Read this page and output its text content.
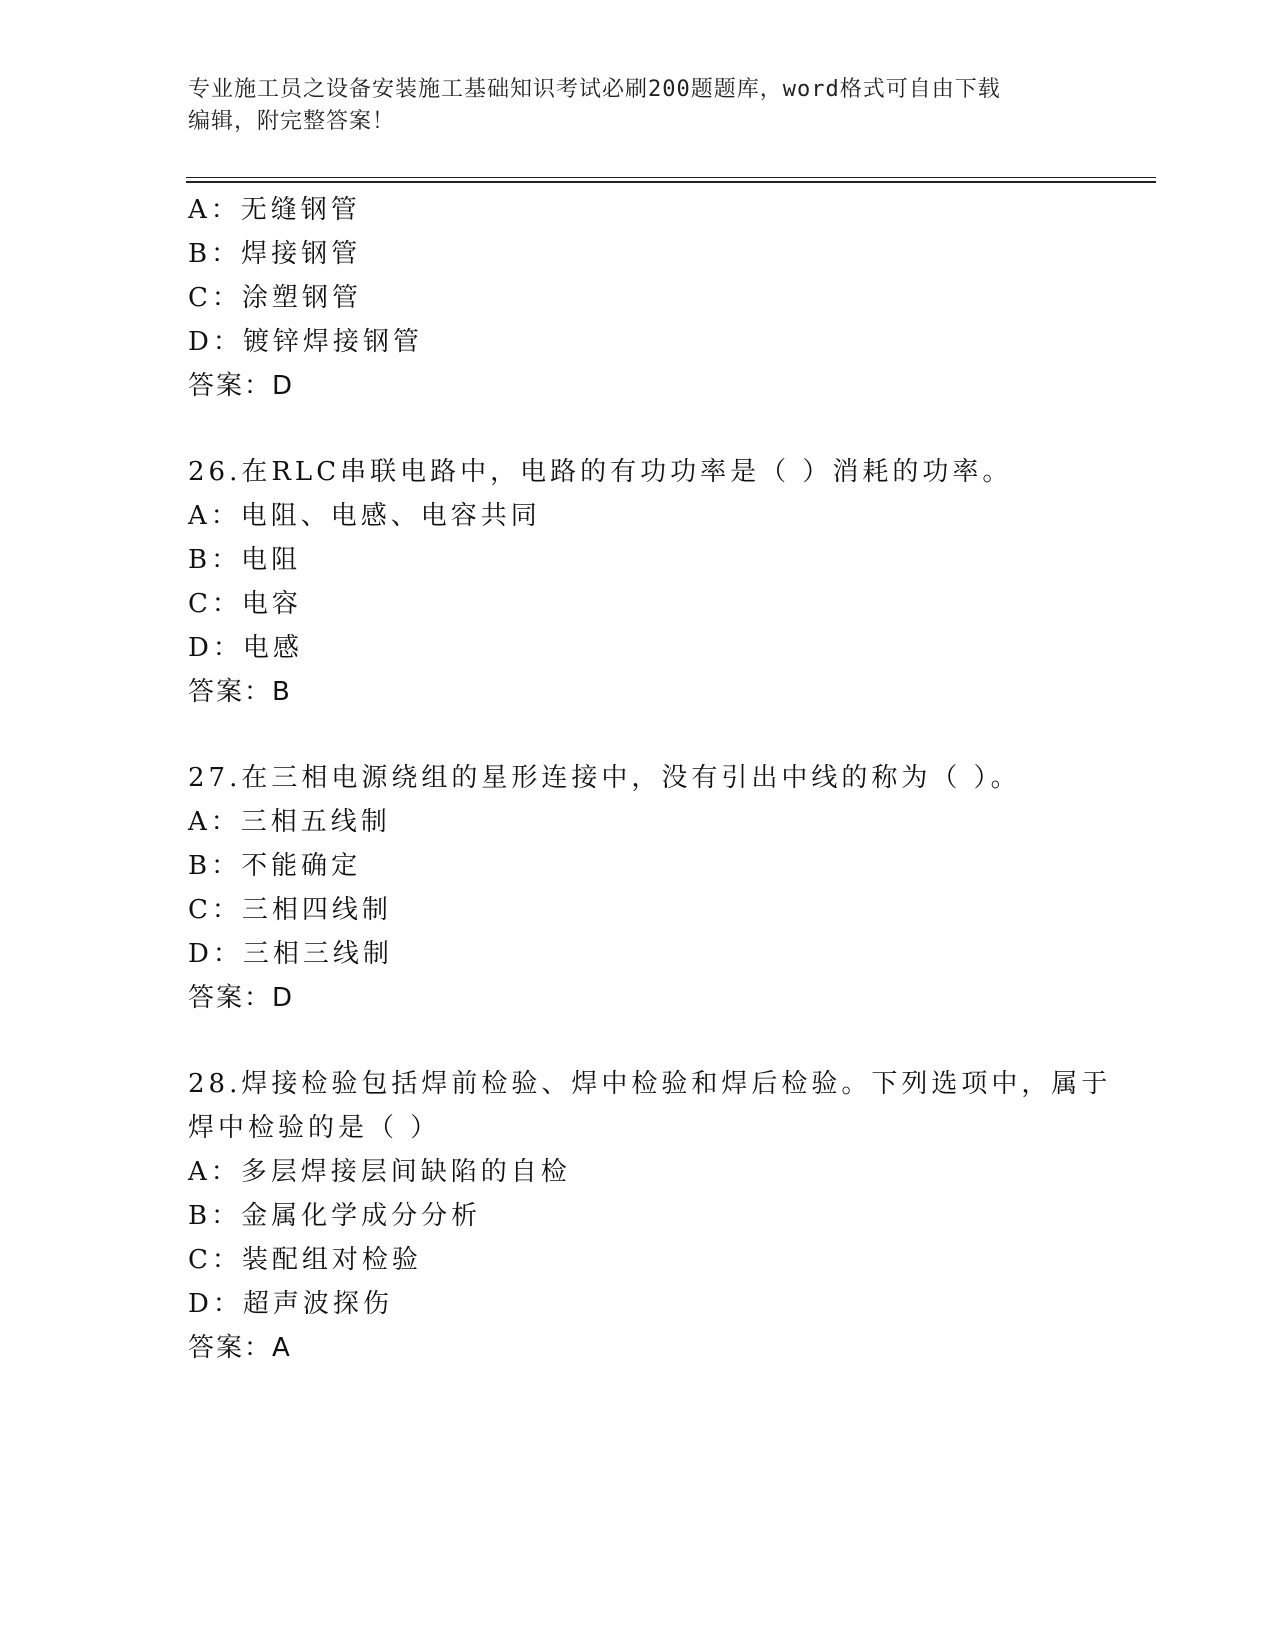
专业施工员之设备安装施工基础知识考试必刷200题题库，word格式可自由下载
编辑，附完整答案！
A：无缝钢管
B：焊接钢管
C：涂塑钢管
D：镀锌焊接钢管
答案：D
26.在RLC串联电路中，电路的有功功率是（ ）消耗的功率。
A：电阻、电感、电容共同
B：电阻
C：电容
D：电感
答案：B
27.在三相电源绕组的星形连接中，没有引出中线的称为（ ）。
A：三相五线制
B：不能确定
C：三相四线制
D：三相三线制
答案：D
28.焊接检验包括焊前检验、焊中检验和焊后检验。下列选项中，属于
焊中检验的是（ ）
A：多层焊接层间缺陷的自检
B：金属化学成分分析
C：装配组对检验
D：超声波探伤
答案：A
